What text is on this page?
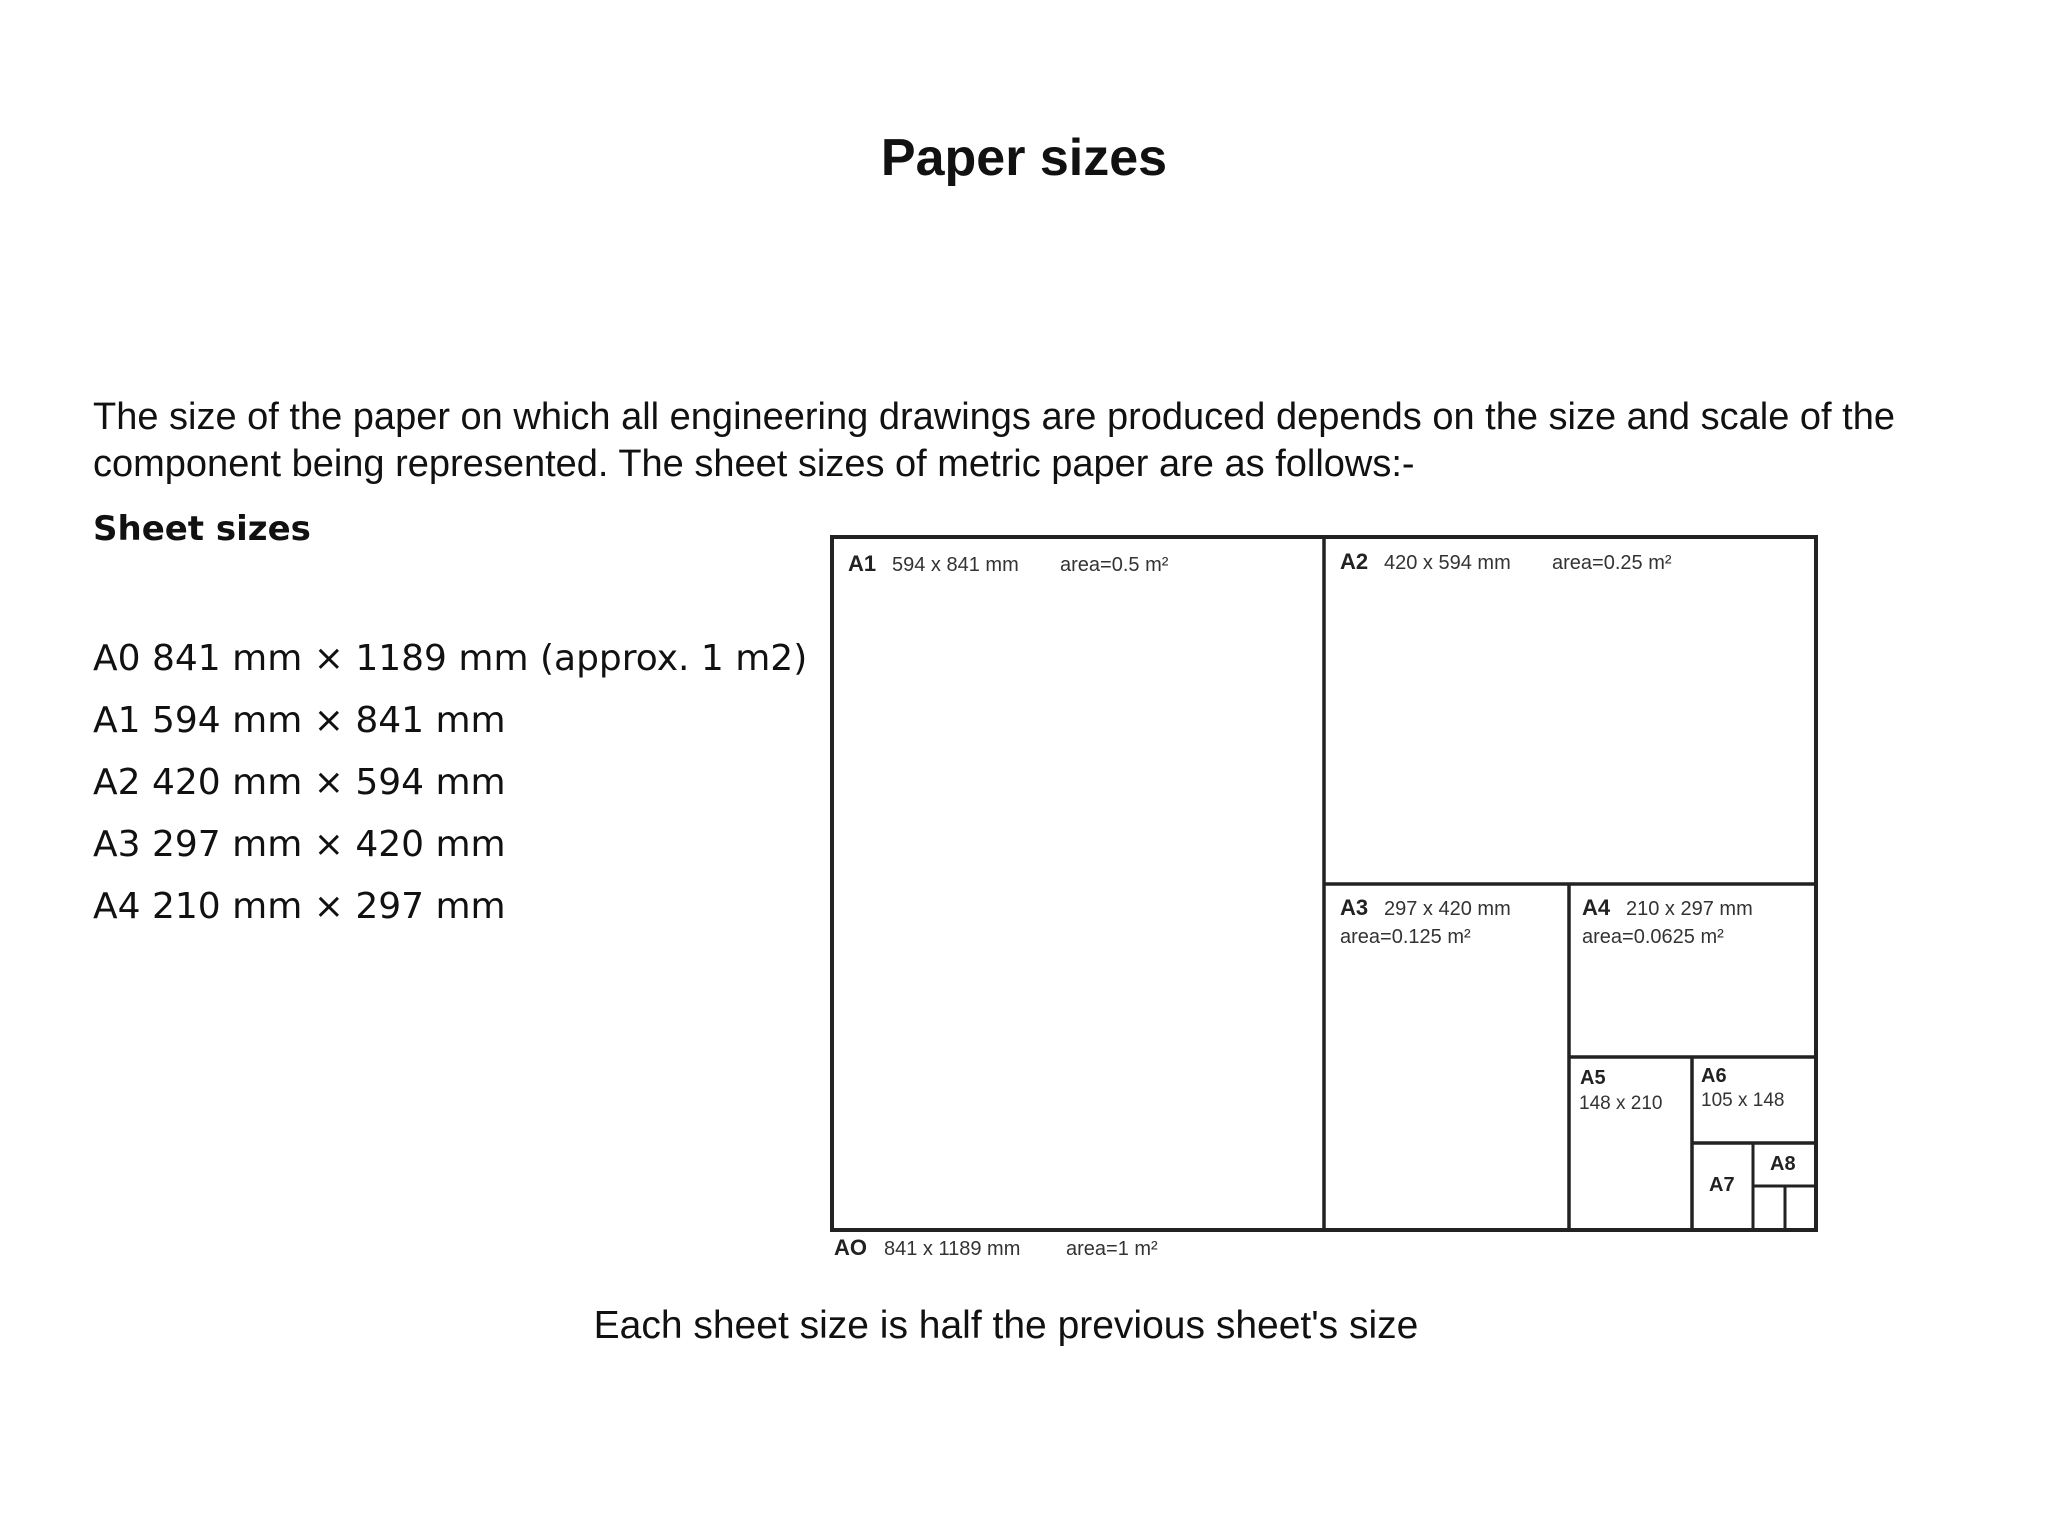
Paper sizes

The size of the paper on which all engineering drawings are produced depends on the size and scale of the component being represented. The sheet sizes of metric paper are as follows:-

Sheet sizes
A0 841 mm × 1189 mm (approx. 1 m2)
A1 594 mm × 841 mm
A2 420 mm × 594 mm
A3 297 mm × 420 mm
A4 210 mm × 297 mm
A1 594 x 841 mm area=0.5 m²	A2 420 x 594 mm area=0.25 m²
A3 297 x 420 mm
area=0.125 m²
A4 210 x 297 mm
area=0.0625 m²
A5
148 x 210
A6
105 x 148
A7
A8
AO 841 x 1189 mm area=1 m²

Each sheet size is half the previous sheet's size
